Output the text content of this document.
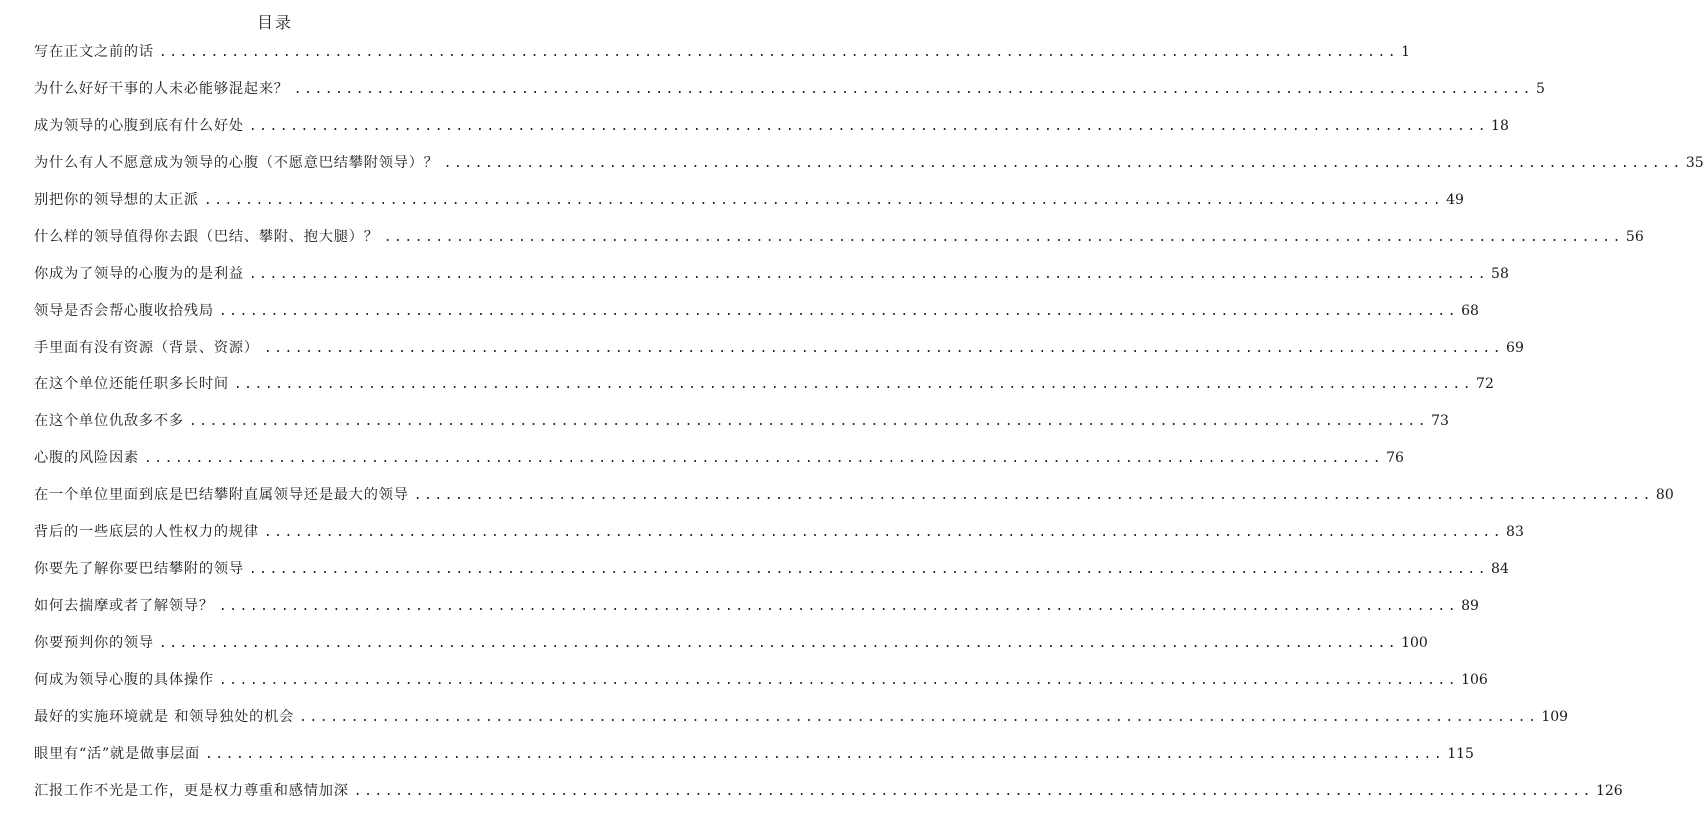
目录
写在正文之前的话 ........................................................................................................................ 1
为什么好好干事的人未必能够混起来？ ........................................................................................................................ 5
成为领导的心腹到底有什么好处 ........................................................................................................................ 18
为什么有人不愿意成为领导的心腹（不愿意巴结攀附领导）？ ........................................................................................................................ 35
别把你的领导想的太正派 ........................................................................................................................ 49
什么样的领导值得你去跟（巴结、攀附、抱大腿）？ ........................................................................................................................ 56
你成为了领导的心腹为的是利益 ........................................................................................................................ 58
领导是否会帮心腹收拾残局 ........................................................................................................................ 68
手里面有没有资源（背景、资源） ........................................................................................................................ 69
在这个单位还能任职多长时间 ........................................................................................................................ 72
在这个单位仇敌多不多 ........................................................................................................................ 73
心腹的风险因素 ........................................................................................................................ 76
在一个单位里面到底是巴结攀附直属领导还是最大的领导 ........................................................................................................................ 80
背后的一些底层的人性权力的规律 ........................................................................................................................ 83
你要先了解你要巴结攀附的领导 ........................................................................................................................ 84
如何去揣摩或者了解领导？ ........................................................................................................................ 89
你要预判你的领导 ........................................................................................................................ 100
何成为领导心腹的具体操作 ........................................................................................................................ 106
最好的实施环境就是 和领导独处的机会 ........................................................................................................................ 109
眼里有“活”就是做事层面 ........................................................................................................................ 115
汇报工作不光是工作，更是权力尊重和感情加深 ........................................................................................................................ 126
